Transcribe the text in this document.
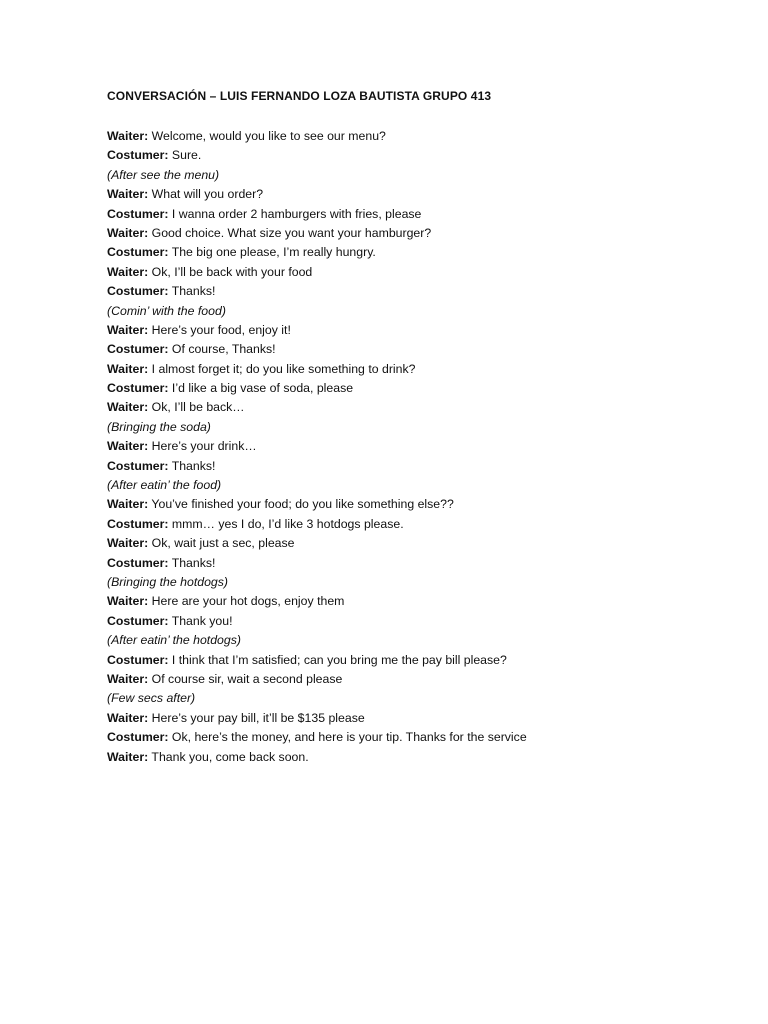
CONVERSACIÓN – LUIS FERNANDO LOZA BAUTISTA GRUPO 413
Waiter: Welcome, would you like to see our menu?
Costumer: Sure.
(After see the menu)
Waiter: What will you order?
Costumer: I wanna order 2 hamburgers with fries, please
Waiter: Good choice. What size you want your hamburger?
Costumer: The big one please, I’m really hungry.
Waiter: Ok, I’ll be back with your food
Costumer: Thanks!
(Comin’ with the food)
Waiter: Here’s your food, enjoy it!
Costumer: Of course, Thanks!
Waiter: I almost forget it; do you like something to drink?
Costumer: I’d like a big vase of soda, please
Waiter: Ok, I’ll be back…
(Bringing the soda)
Waiter: Here’s your drink…
Costumer: Thanks!
(After eatin’ the food)
Waiter: You’ve finished your food; do you like something else??
Costumer: mmm… yes I do, I’d like 3 hotdogs please.
Waiter: Ok, wait just a sec, please
Costumer: Thanks!
(Bringing the hotdogs)
Waiter: Here are your hot dogs, enjoy them
Costumer: Thank you!
(After eatin’ the hotdogs)
Costumer: I think that I’m satisfied; can you bring me the pay bill please?
Waiter: Of course sir, wait a second please
(Few secs after)
Waiter: Here’s your pay bill, it’ll be $135 please
Costumer: Ok, here’s the money, and here is your tip. Thanks for the service
Waiter: Thank you, come back soon.
